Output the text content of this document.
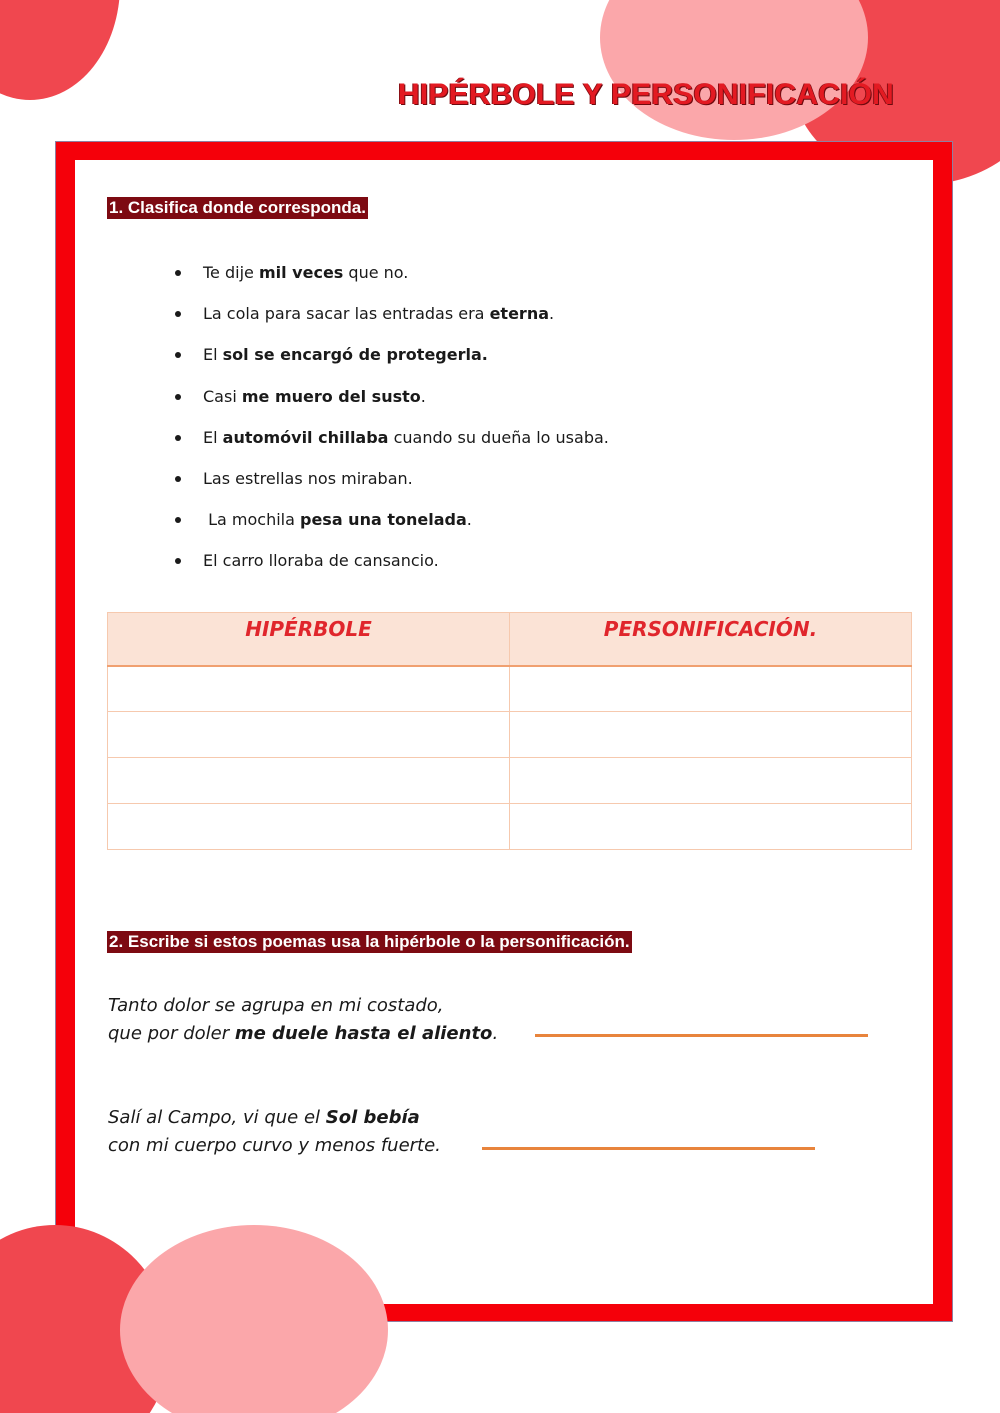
HIPÉRBOLE Y PERSONIFICACIÓN
1. Clasifica donde corresponda.
Te dije mil veces que no.
La cola para sacar las entradas era eterna.
El sol se encargó de protegerla.
Casi me muero del susto.
El automóvil chillaba cuando su dueña lo usaba.
Las estrellas nos miraban.
La mochila pesa una tonelada.
El carro lloraba de cansancio.
HIPÉRBOLE	PERSONIFICACIÓN.

2. Escribe si estos poemas usa la hipérbole o la personificación.
Tanto dolor se agrupa en mi costado,
que por doler me duele hasta el aliento.
Salí al Campo, vi que el Sol bebía
con mi cuerpo curvo y menos fuerte.
